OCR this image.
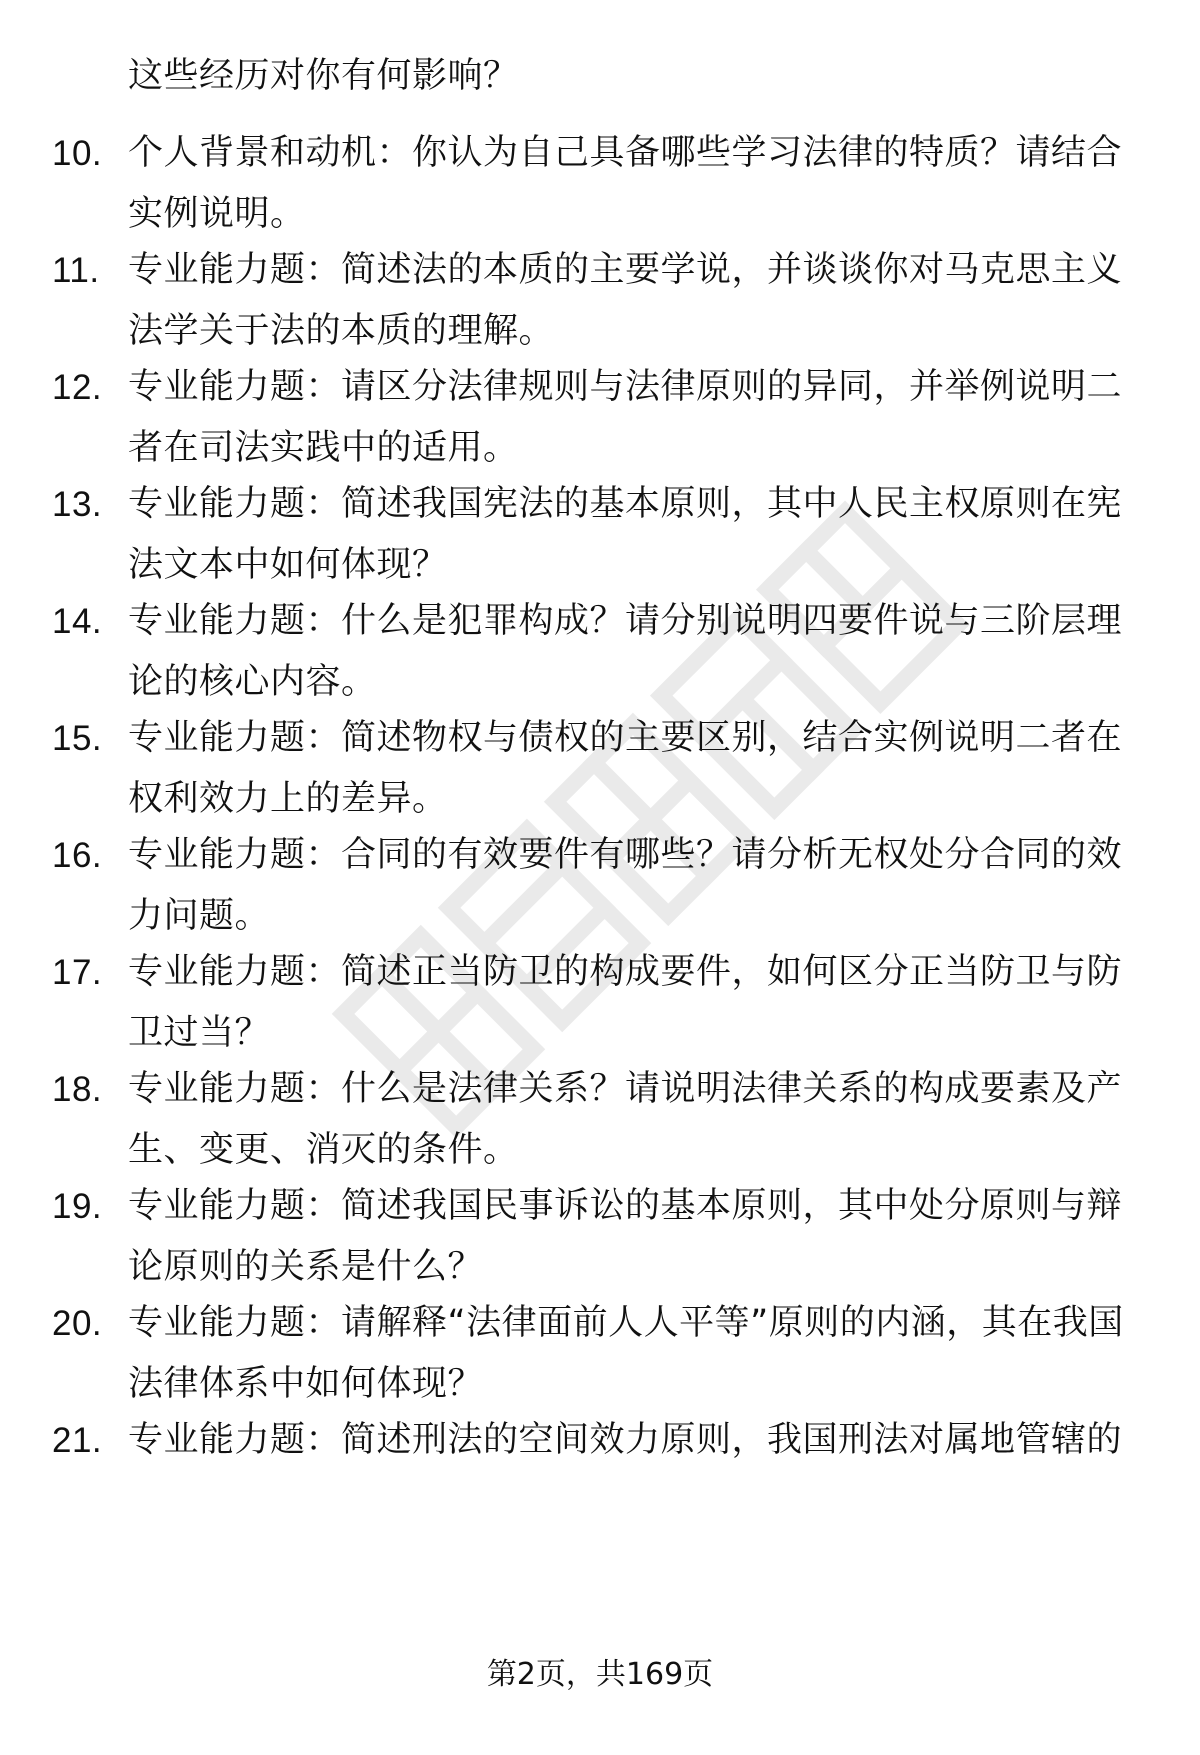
这些经历对你有何影响？
10. 个人背景和动机：你认为自己具备哪些学习法律的特质？请结合实例说明。
11. 专业能力题：简述法的本质的主要学说，并谈谈你对马克思主义法学关于法的本质的理解。
12. 专业能力题：请区分法律规则与法律原则的异同，并举例说明二者在司法实践中的适用。
13. 专业能力题：简述我国宪法的基本原则，其中人民主权原则在宪法文本中如何体现？
14. 专业能力题：什么是犯罪构成？请分别说明四要件说与三阶层理论的核心内容。
15. 专业能力题：简述物权与债权的主要区别，结合实例说明二者在权利效力上的差异。
16. 专业能力题：合同的有效要件有哪些？请分析无权处分合同的效力问题。
17. 专业能力题：简述正当防卫的构成要件，如何区分正当防卫与防卫过当？
18. 专业能力题：什么是法律关系？请说明法律关系的构成要素及产生、变更、消灭的条件。
19. 专业能力题：简述我国民事诉讼的基本原则，其中处分原则与辩论原则的关系是什么？
20. 专业能力题：请解释“法律面前人人平等”原则的内涵，其在我国法律体系中如何体现？
21. 专业能力题：简述刑法的空间效力原则，我国刑法对属地管辖的
第2页，共169页
